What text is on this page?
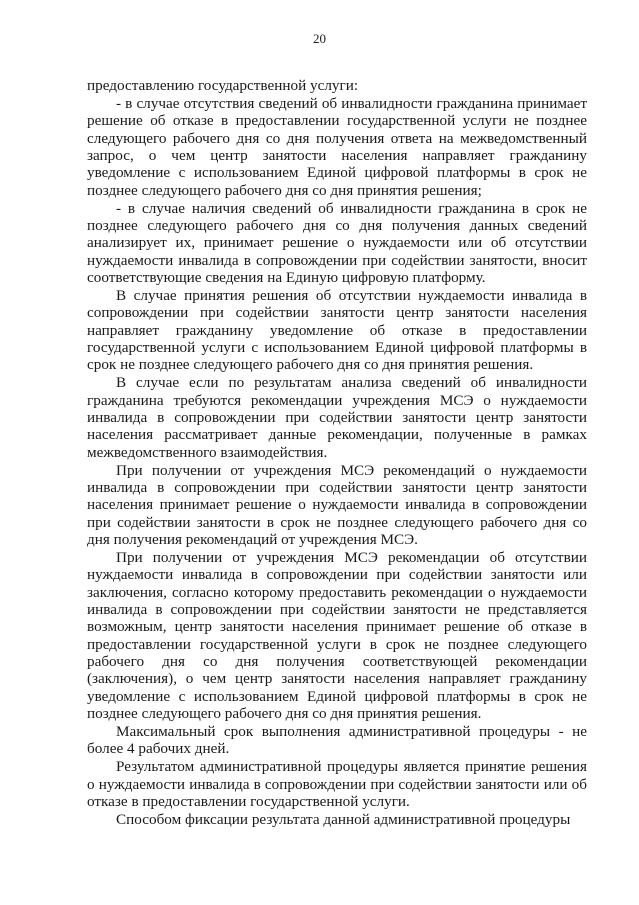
20

предоставлению государственной услуги:

- в случае отсутствия сведений об инвалидности гражданина принимает решение об отказе в предоставлении государственной услуги не позднее следующего рабочего дня со дня получения ответа на межведомственный запрос, о чем центр занятости населения направляет гражданину уведомление с использованием Единой цифровой платформы в срок не позднее следующего рабочего дня со дня принятия решения;

- в случае наличия сведений об инвалидности гражданина в срок не позднее следующего рабочего дня со дня получения данных сведений анализирует их, принимает решение о нуждаемости или об отсутствии нуждаемости инвалида в сопровождении при содействии занятости, вносит соответствующие сведения на Единую цифровую платформу.

В случае принятия решения об отсутствии нуждаемости инвалида в сопровождении при содействии занятости центр занятости населения направляет гражданину уведомление об отказе в предоставлении государственной услуги с использованием Единой цифровой платформы в срок не позднее следующего рабочего дня со дня принятия решения.

В случае если по результатам анализа сведений об инвалидности гражданина требуются рекомендации учреждения МСЭ о нуждаемости инвалида в сопровождении при содействии занятости центр занятости населения рассматривает данные рекомендации, полученные в рамках межведомственного взаимодействия.

При получении от учреждения МСЭ рекомендаций о нуждаемости инвалида в сопровождении при содействии занятости центр занятости населения принимает решение о нуждаемости инвалида в сопровождении при содействии занятости в срок не позднее следующего рабочего дня со дня получения рекомендаций от учреждения МСЭ.

При получении от учреждения МСЭ рекомендации об отсутствии нуждаемости инвалида в сопровождении при содействии занятости или заключения, согласно которому предоставить рекомендации о нуждаемости инвалида в сопровождении при содействии занятости не представляется возможным, центр занятости населения принимает решение об отказе в предоставлении государственной услуги в срок не позднее следующего рабочего дня со дня получения соответствующей рекомендации (заключения), о чем центр занятости населения направляет гражданину уведомление с использованием Единой цифровой платформы в срок не позднее следующего рабочего дня со дня принятия решения.

Максимальный срок выполнения административной процедуры - не более 4 рабочих дней.

Результатом административной процедуры является принятие решения о нуждаемости инвалида в сопровождении при содействии занятости или об отказе в предоставлении государственной услуги.

Способом фиксации результата данной административной процедуры
